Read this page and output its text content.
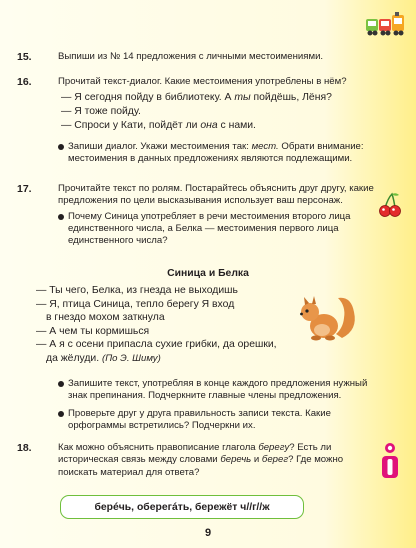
15.	Выпиши из № 14 предложения с личными местоимениями.
16.	Прочитай текст-диалог. Какие местоимения употреблены в нём?
— Я сегодня пойду в библиотеку. А ты пойдёшь, Лёня?
— Я тоже пойду.
— Спроси у Кати, пойдёт ли она с нами.
Запиши диалог. Укажи местоимения так: мест. Обрати внимание: местоимения в данных предложениях являются подлежащими.
17.	Прочитайте текст по ролям. Постарайтесь объяснить друг другу, какие предложения по цели высказывания использует ваш персонаж.
Почему Синица употребляет в речи местоимения второго лица единственного числа, а Белка — местоимения первого лица единственного числа?
Синица и Белка
— Ты чего, Белка, из гнезда не выходишь
— Я, птица Синица, тепло берегу Я вход
в гнездо мохом заткнула
— А чем ты кормишься
— А я с осени припасла сухие грибки, да орешки,
да жёлуди. (По Э. Шиму)
Запишите текст, употребляя в конце каждого предложения нужный знак препинания. Подчеркните главные члены предложения.
Проверьте друг у друга правильность записи текста. Какие орфограммы встретились? Подчеркни их.
18.	Как можно объяснить правописание глагола берегу? Есть ли историческая связь между словами беречь и берег? Где можно поискать материал для ответа?
берéчь, оберегáть, бережёт ч//г//ж
9
